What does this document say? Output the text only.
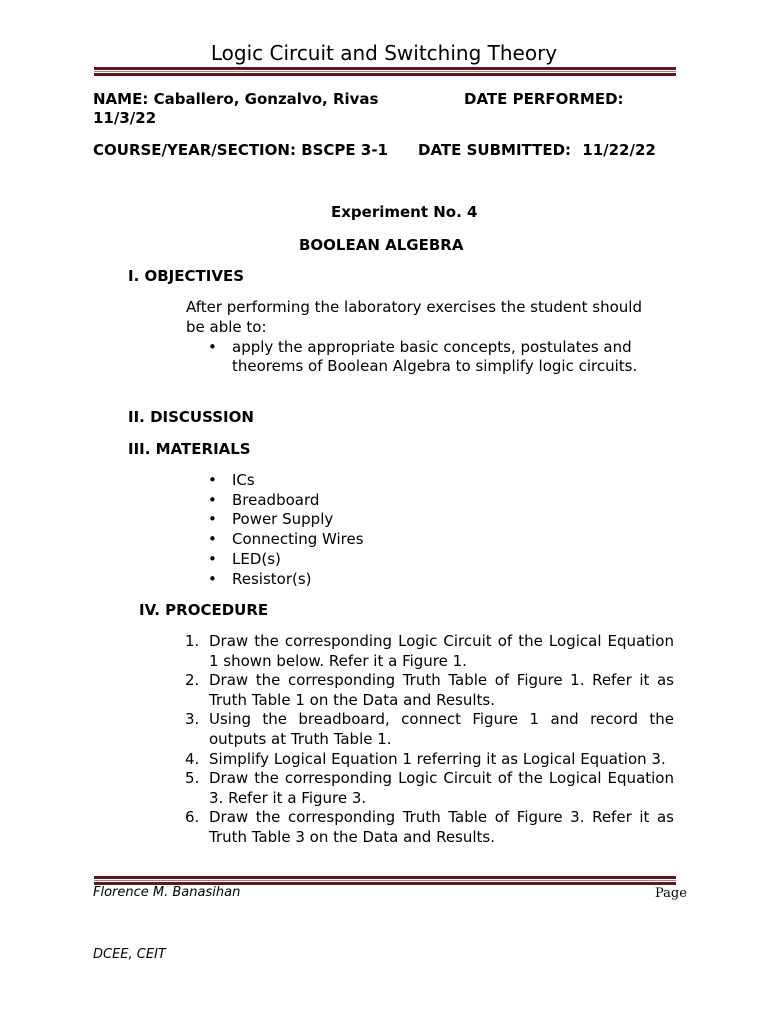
Logic Circuit and Switching Theory
NAME: Caballero, Gonzalvo, Rivas	DATE PERFORMED:
11/3/22
COURSE/YEAR/SECTION: BSCPE 3-1 DATE SUBMITTED: 11/22/22
Experiment No. 4
BOOLEAN ALGEBRA
I. OBJECTIVES
After performing the laboratory exercises the student should
be able to:
• apply the appropriate basic concepts, postulates and
theorems of Boolean Algebra to simplify logic circuits.
II. DISCUSSION
III. MATERIALS
• ICs
• Breadboard
• Power Supply
• Connecting Wires
• LED(s)
• Resistor(s)
IV. PROCEDURE
1. Draw the corresponding Logic Circuit of the Logical Equation 1 shown below. Refer it a Figure 1.
2. Draw the corresponding Truth Table of Figure 1. Refer it as Truth Table 1 on the Data and Results.
3. Using the breadboard, connect Figure 1 and record the outputs at Truth Table 1.
4. Simplify Logical Equation 1 referring it as Logical Equation 3.
5. Draw the corresponding Logic Circuit of the Logical Equation 3. Refer it a Figure 3.
6. Draw the corresponding Truth Table of Figure 3. Refer it as Truth Table 3 on the Data and Results.
Florence M. Banasihan	Page
DCEE, CEIT
